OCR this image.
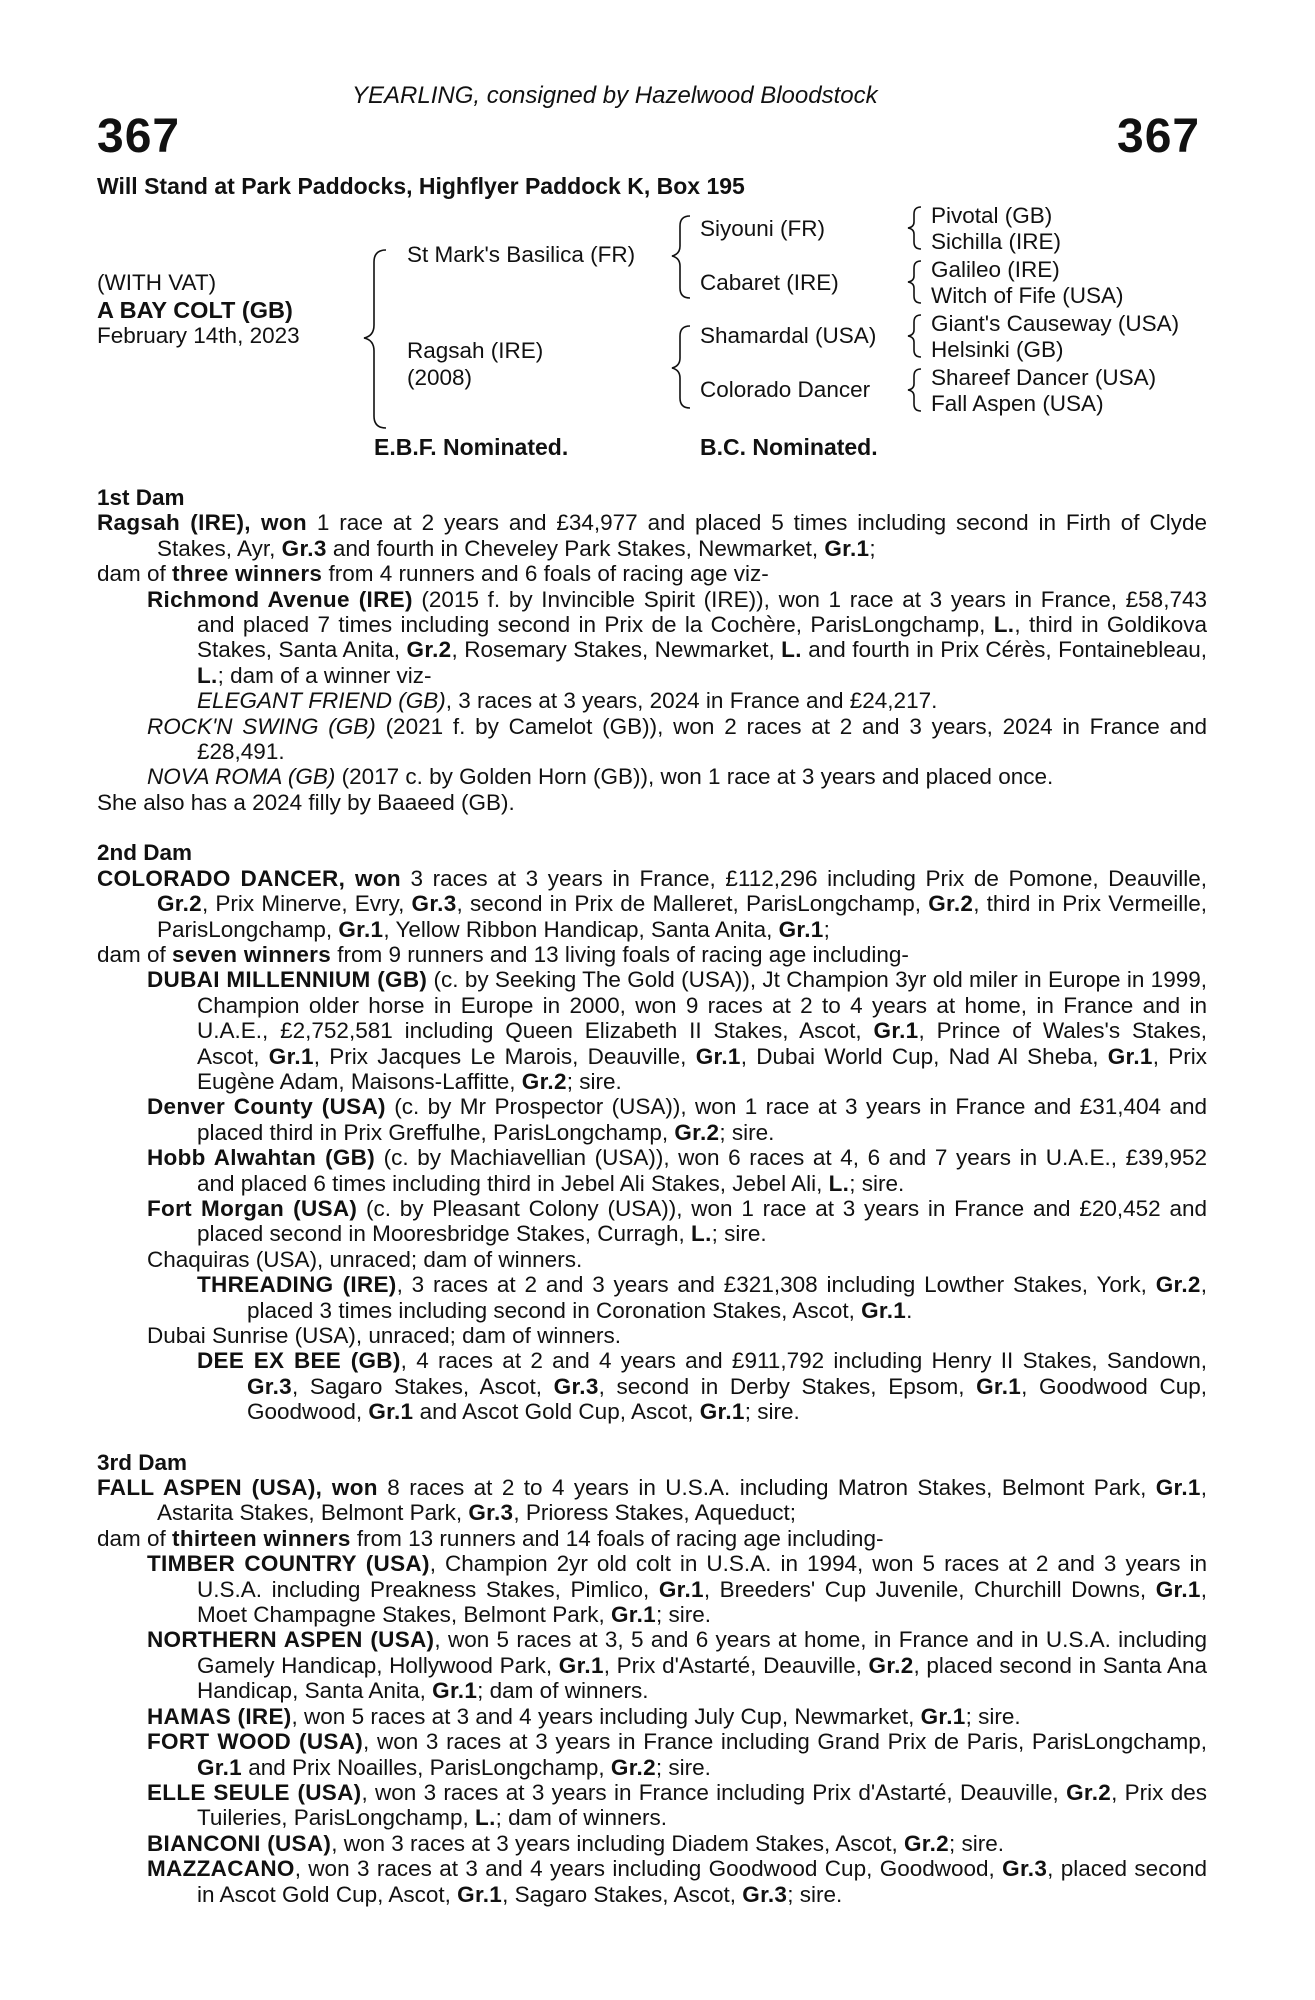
YEARLING, consigned by Hazelwood Bloodstock
367	367
Will Stand at Park Paddocks, Highflyer Paddock K, Box 195
(WITH VAT)
A BAY COLT (GB)
February 14th, 2023
St Mark's Basilica (FR)
Ragsah (IRE)
(2008)
Siyouni (FR)
Cabaret (IRE)
Shamardal (USA)
Colorado Dancer
Pivotal (GB)
Sichilla (IRE)
Galileo (IRE)
Witch of Fife (USA)
Giant's Causeway (USA)
Helsinki (GB)
Shareef Dancer (USA)
Fall Aspen (USA)
E.B.F. Nominated.	B.C. Nominated.
1st Dam
Ragsah (IRE), won 1 race at 2 years and £34,977 and placed 5 times including second in Firth of Clyde Stakes, Ayr, Gr.3 and fourth in Cheveley Park Stakes, Newmarket, Gr.1;
dam of three winners from 4 runners and 6 foals of racing age viz-
Richmond Avenue (IRE) (2015 f. by Invincible Spirit (IRE)), won 1 race at 3 years in France, £58,743 and placed 7 times including second in Prix de la Cochère, ParisLongchamp, L., third in Goldikova Stakes, Santa Anita, Gr.2, Rosemary Stakes, Newmarket, L. and fourth in Prix Cérès, Fontainebleau, L.; dam of a winner viz-
ELEGANT FRIEND (GB), 3 races at 3 years, 2024 in France and £24,217.
ROCK'N SWING (GB) (2021 f. by Camelot (GB)), won 2 races at 2 and 3 years, 2024 in France and £28,491.
NOVA ROMA (GB) (2017 c. by Golden Horn (GB)), won 1 race at 3 years and placed once.
She also has a 2024 filly by Baaeed (GB).
2nd Dam
COLORADO DANCER, won 3 races at 3 years in France, £112,296 including Prix de Pomone, Deauville, Gr.2, Prix Minerve, Evry, Gr.3, second in Prix de Malleret, ParisLongchamp, Gr.2, third in Prix Vermeille, ParisLongchamp, Gr.1, Yellow Ribbon Handicap, Santa Anita, Gr.1;
dam of seven winners from 9 runners and 13 living foals of racing age including-
DUBAI MILLENNIUM (GB) (c. by Seeking The Gold (USA)), Jt Champion 3yr old miler in Europe in 1999, Champion older horse in Europe in 2000, won 9 races at 2 to 4 years at home, in France and in U.A.E., £2,752,581 including Queen Elizabeth II Stakes, Ascot, Gr.1, Prince of Wales's Stakes, Ascot, Gr.1, Prix Jacques Le Marois, Deauville, Gr.1, Dubai World Cup, Nad Al Sheba, Gr.1, Prix Eugène Adam, Maisons-Laffitte, Gr.2; sire.
Denver County (USA) (c. by Mr Prospector (USA)), won 1 race at 3 years in France and £31,404 and placed third in Prix Greffulhe, ParisLongchamp, Gr.2; sire.
Hobb Alwahtan (GB) (c. by Machiavellian (USA)), won 6 races at 4, 6 and 7 years in U.A.E., £39,952 and placed 6 times including third in Jebel Ali Stakes, Jebel Ali, L.; sire.
Fort Morgan (USA) (c. by Pleasant Colony (USA)), won 1 race at 3 years in France and £20,452 and placed second in Mooresbridge Stakes, Curragh, L.; sire.
Chaquiras (USA), unraced; dam of winners.
THREADING (IRE), 3 races at 2 and 3 years and £321,308 including Lowther Stakes, York, Gr.2, placed 3 times including second in Coronation Stakes, Ascot, Gr.1.
Dubai Sunrise (USA), unraced; dam of winners.
DEE EX BEE (GB), 4 races at 2 and 4 years and £911,792 including Henry II Stakes, Sandown, Gr.3, Sagaro Stakes, Ascot, Gr.3, second in Derby Stakes, Epsom, Gr.1, Goodwood Cup, Goodwood, Gr.1 and Ascot Gold Cup, Ascot, Gr.1; sire.
3rd Dam
FALL ASPEN (USA), won 8 races at 2 to 4 years in U.S.A. including Matron Stakes, Belmont Park, Gr.1, Astarita Stakes, Belmont Park, Gr.3, Prioress Stakes, Aqueduct;
dam of thirteen winners from 13 runners and 14 foals of racing age including-
TIMBER COUNTRY (USA), Champion 2yr old colt in U.S.A. in 1994, won 5 races at 2 and 3 years in U.S.A. including Preakness Stakes, Pimlico, Gr.1, Breeders' Cup Juvenile, Churchill Downs, Gr.1, Moet Champagne Stakes, Belmont Park, Gr.1; sire.
NORTHERN ASPEN (USA), won 5 races at 3, 5 and 6 years at home, in France and in U.S.A. including Gamely Handicap, Hollywood Park, Gr.1, Prix d'Astarté, Deauville, Gr.2, placed second in Santa Ana Handicap, Santa Anita, Gr.1; dam of winners.
HAMAS (IRE), won 5 races at 3 and 4 years including July Cup, Newmarket, Gr.1; sire.
FORT WOOD (USA), won 3 races at 3 years in France including Grand Prix de Paris, ParisLongchamp, Gr.1 and Prix Noailles, ParisLongchamp, Gr.2; sire.
ELLE SEULE (USA), won 3 races at 3 years in France including Prix d'Astarté, Deauville, Gr.2, Prix des Tuileries, ParisLongchamp, L.; dam of winners.
BIANCONI (USA), won 3 races at 3 years including Diadem Stakes, Ascot, Gr.2; sire.
MAZZACANO, won 3 races at 3 and 4 years including Goodwood Cup, Goodwood, Gr.3, placed second in Ascot Gold Cup, Ascot, Gr.1, Sagaro Stakes, Ascot, Gr.3; sire.
